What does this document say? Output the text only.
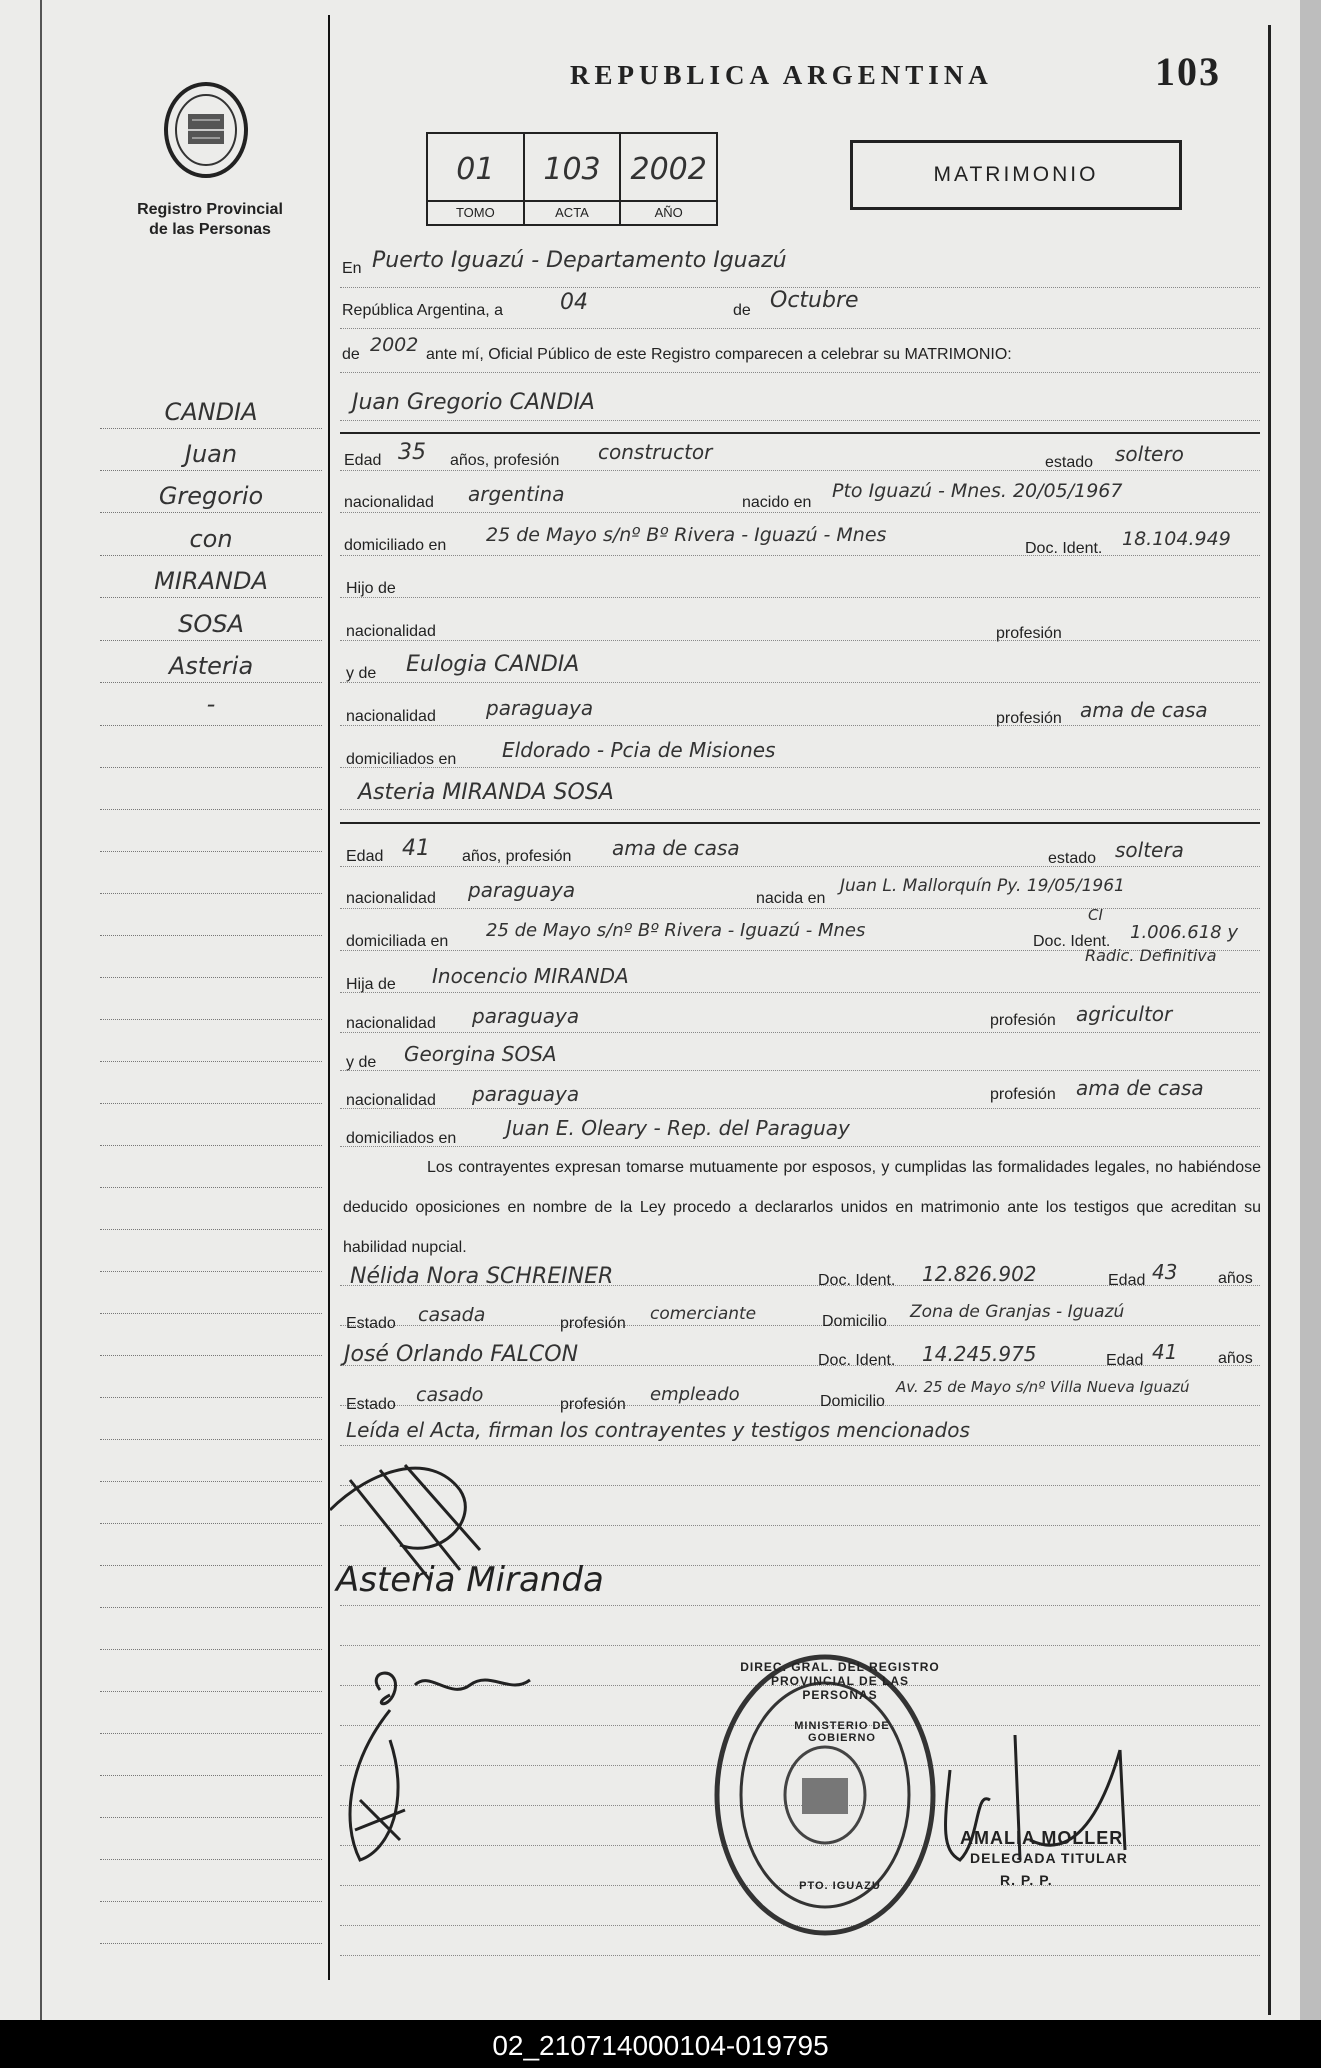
Registro Provincial
de las Personas
REPUBLICA ARGENTINA	103
01
TOMO
103
ACTA
2002
AÑO
MATRIMONIO
CANDIA
Juan
Gregorio
con
MIRANDA
SOSA
Asteria
-
En Puerto Iguazú - Departamento Iguazú
República Argentina, a	04	de Octubre
de 2002 ante mí, Oficial Público de este Registro comparecen a celebrar su MATRIMONIO:
Juan Gregorio CANDIA
Edad 35 años, profesión constructor	estado soltero
nacionalidad argentina	nacido en
Pto Iguazú - Mnes. 20/05/1967
domiciliado en 25 de Mayo s/nº Bº Rivera - Iguazú - Mnes
Doc. Ident. 18.104.949
Hijo de
nacionalidad	profesión
y de Eulogia CANDIA
nacionalidad	paraguaya	profesión ama de casa
domiciliados en Eldorado - Pcia de Misiones
Asteria MIRANDA SOSA
Edad 41 años, profesión ama de casa	estado soltera
nacionalidad paraguaya	nacida en
Juan L. Mallorquín Py. 19/05/1961
domiciliada en
25 de Mayo s/nº Bº Rivera - Iguazú - Mnes
Doc. Ident.
CI
1.006.618 y
Radic. Definitiva
Hija de Inocencio MIRANDA
nacionalidad paraguaya	profesión agricultor
y de Georgina SOSA
nacionalidad paraguaya	profesión ama de casa
domiciliados en Juan E. Oleary - Rep. del Paraguay
Los contrayentes expresan tomarse mutuamente por esposos, y cumplidas las formalidades legales, no habiéndose deducido oposiciones en nombre de la Ley procedo a declararlos unidos en matrimonio ante los testigos que acreditan su habilidad nupcial.
Nélida Nora SCHREINER	Doc. Ident. 12.826.902	Edad 43	años
Estado casada	profesión comerciante	Domicilio Zona de Granjas - Iguazú
José Orlando FALCON	Doc. Ident. 14.245.975	Edad 41	años
Estado casado	profesión empleado	Domicilio
Av. 25 de Mayo s/nº Villa Nueva Iguazú
Leída el Acta, firman los contrayentes y testigos mencionados
Asteria Miranda
DIREC. GRAL. DEL REGISTRO PROVINCIAL DE LAS PERSONAS
MINISTERIO DE GOBIERNO
PTO. IGUAZU
AMALIA MOLLER
DELEGADA TITULAR
R. P. P.
02_210714000104-019795
